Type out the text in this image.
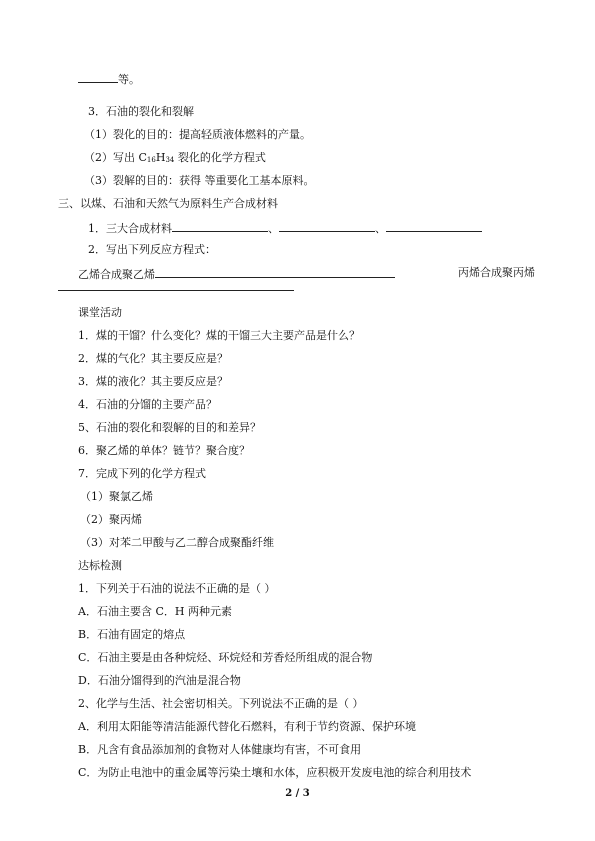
等。
3．石油的裂化和裂解
（1）裂化的目的：提高轻质液体燃料的产量。
（2）写出 C16H34 裂化的化学方程式
（3）裂解的目的：获得 等重要化工基本原料。
三、以煤、石油和天然气为原料生产合成材料
1．三大合成材料	、	、
2．写出下列反应方程式：
乙烯合成聚乙烯	丙烯合成聚丙烯
课堂活动
1．煤的干馏？什么变化？煤的干馏三大主要产品是什么？
2．煤的气化？其主要反应是？
3．煤的液化？其主要反应是？
4．石油的分馏的主要产品？
5、石油的裂化和裂解的目的和差异？
6．聚乙烯的单体？链节？聚合度？
7．完成下列的化学方程式
（1）聚氯乙烯
（2）聚丙烯
（3）对苯二甲酸与乙二醇合成聚酯纤维
达标检测
1．下列关于石油的说法不正确的是（ ）
A．石油主要含 C．H 两种元素
B．石油有固定的熔点
C．石油主要是由各种烷烃、环烷烃和芳香烃所组成的混合物
D．石油分馏得到的汽油是混合物
2、化学与生活、社会密切相关。下列说法不正确的是（ ）
A．利用太阳能等清洁能源代替化石燃料，有利于节约资源、保护环境
B．凡含有食品添加剂的食物对人体健康均有害，不可食用
C．为防止电池中的重金属等污染土壤和水体，应积极开发废电池的综合利用技术
2 / 3
